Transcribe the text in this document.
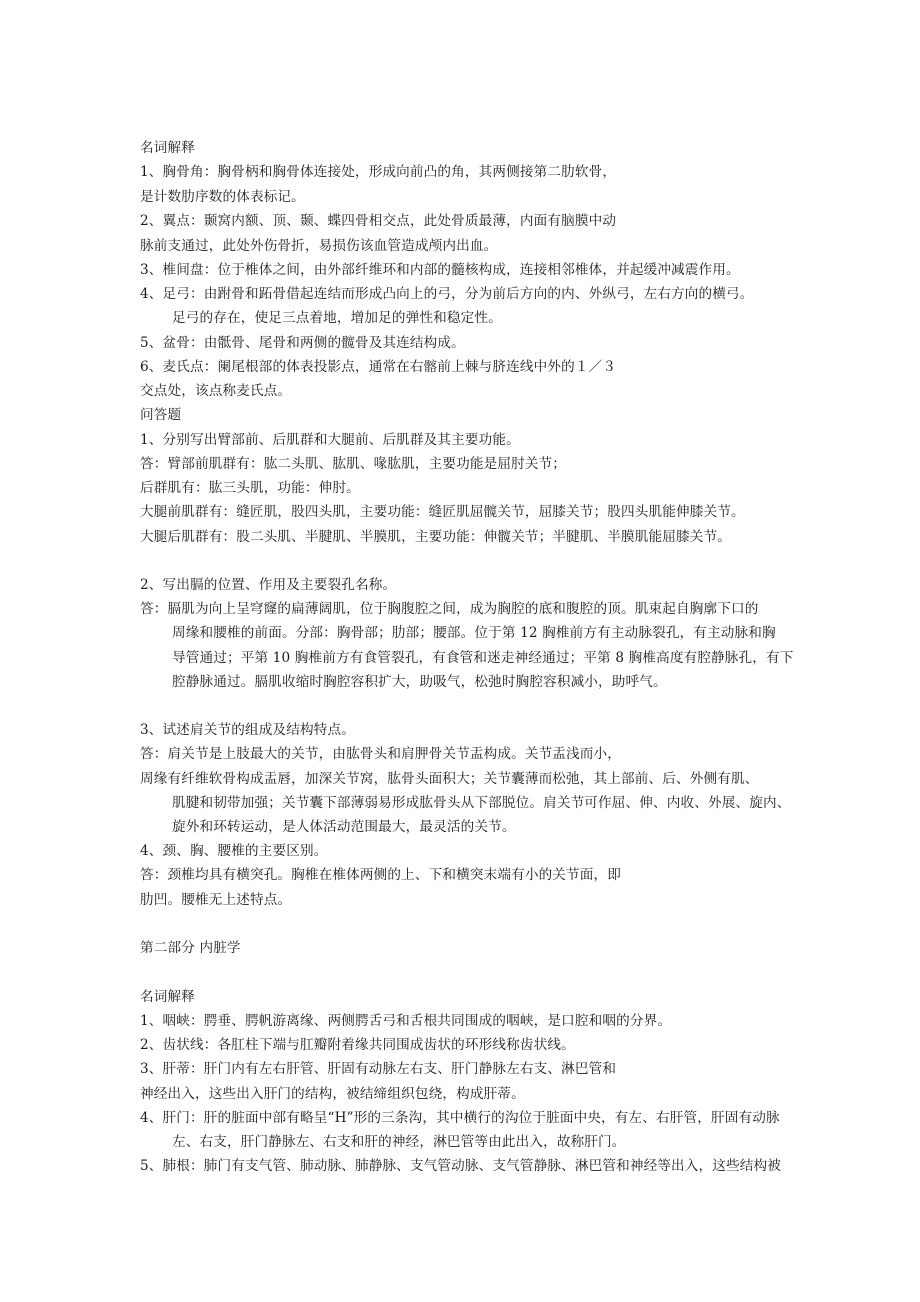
名词解释
1、胸骨角：胸骨柄和胸骨体连接处，形成向前凸的角，其两侧接第二肋软骨，
是计数肋序数的体表标记。
2、翼点：颞窝内额、顶、颞、蝶四骨相交点，此处骨质最薄，内面有脑膜中动
脉前支通过，此处外伤骨折，易损伤该血管造成颅内出血。
3、椎间盘：位于椎体之间，由外部纤维环和内部的髓核构成，连接相邻椎体，并起缓冲减震作用。
4、足弓：由跗骨和跖骨借起连结而形成凸向上的弓，分为前后方向的内、外纵弓，左右方向的横弓。
足弓的存在，使足三点着地，增加足的弹性和稳定性。
5、盆骨：由骶骨、尾骨和两侧的髋骨及其连结构成。
6、麦氏点：阑尾根部的体表投影点，通常在右髂前上棘与脐连线中外的１／３
交点处，该点称麦氏点。
问答题
1、分别写出臂部前、后肌群和大腿前、后肌群及其主要功能。
答：臂部前肌群有：肱二头肌、肱肌、喙肱肌，主要功能是屈肘关节；
后群肌有：肱三头肌，功能：伸肘。
大腿前肌群有：缝匠肌，股四头肌，主要功能：缝匠肌屈髋关节，屈膝关节；股四头肌能伸膝关节。
大腿后肌群有：股二头肌、半腱肌、半膜肌，主要功能：伸髋关节；半腱肌、半膜肌能屈膝关节。
2、写出膈的位置、作用及主要裂孔名称。
答：膈肌为向上呈穹窿的扁薄阔肌，位于胸腹腔之间，成为胸腔的底和腹腔的顶。肌束起自胸廓下口的
周缘和腰椎的前面。分部：胸骨部；肋部；腰部。位于第 12 胸椎前方有主动脉裂孔，有主动脉和胸
导管通过；平第 10 胸椎前方有食管裂孔，有食管和迷走神经通过；平第 8 胸椎高度有腔静脉孔，有下
腔静脉通过。膈肌收缩时胸腔容积扩大，助吸气，松弛时胸腔容积减小，助呼气。
3、试述肩关节的组成及结构特点。
答：肩关节是上肢最大的关节，由肱骨头和肩胛骨关节盂构成。关节盂浅而小，
周缘有纤维软骨构成盂唇，加深关节窝，肱骨头面积大；关节囊薄而松弛，其上部前、后、外侧有肌、
肌腱和韧带加强；关节囊下部薄弱易形成肱骨头从下部脱位。肩关节可作屈、伸、内收、外展、旋内、
旋外和环转运动，是人体活动范围最大，最灵活的关节。
4、颈、胸、腰椎的主要区别。
答：颈椎均具有横突孔。胸椎在椎体两侧的上、下和横突末端有小的关节面，即
肋凹。腰椎无上述特点。
第二部分 内脏学
名词解释
1、咽峡：腭垂、腭帆游离缘、两侧腭舌弓和舌根共同围成的咽峡，是口腔和咽的分界。
2、齿状线：各肛柱下端与肛瓣附着缘共同围成齿状的环形线称齿状线。
3、肝蒂：肝门内有左右肝管、肝固有动脉左右支、肝门静脉左右支、淋巴管和
神经出入，这些出入肝门的结构，被结缔组织包绕，构成肝蒂。
4、肝门：肝的脏面中部有略呈“H”形的三条沟，其中横行的沟位于脏面中央，有左、右肝管，肝固有动脉
左、右支，肝门静脉左、右支和肝的神经，淋巴管等由此出入，故称肝门。
5、肺根：肺门有支气管、肺动脉、肺静脉、支气管动脉、支气管静脉、淋巴管和神经等出入，这些结构被
